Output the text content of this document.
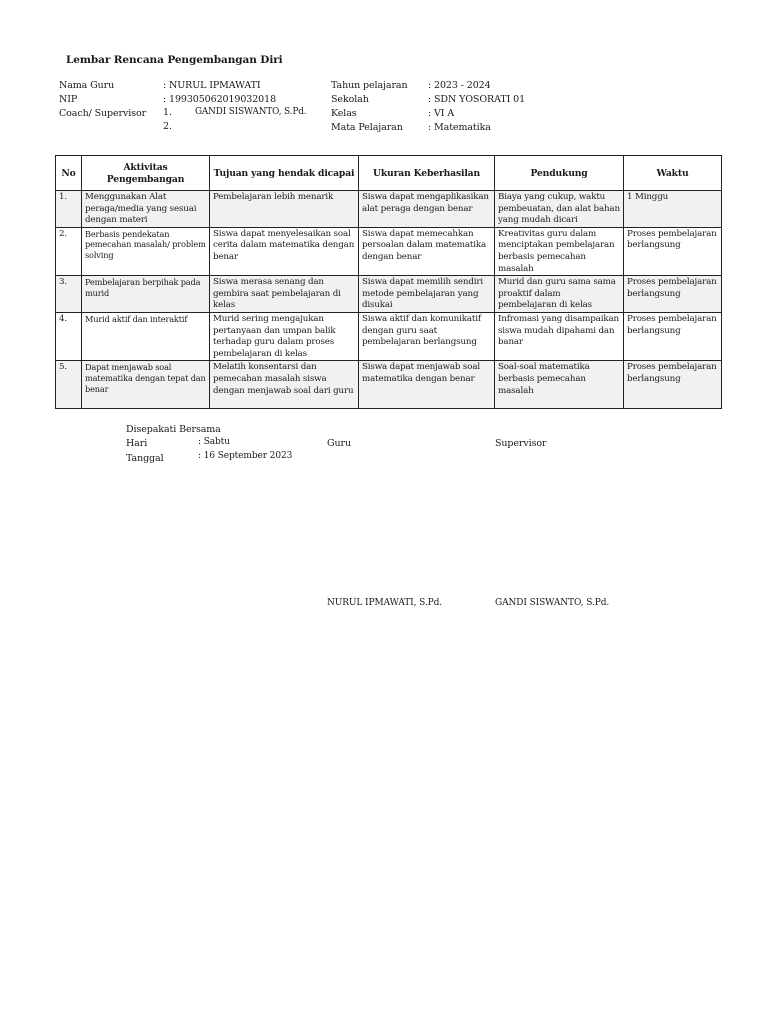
Lembar Rencana Pengembangan Diri
Nama Guru	: NURUL IPMAWATI
NIP	: 199305062019032018
Coach/ Supervisor 1.	GANDI SISWANTO, S.Pd.
2.
Tahun pelajaran : 2023 - 2024
Sekolah	: SDN YOSORATI 01
Kelas	: VI A
Mata Pelajaran	: Matematika
No	Aktivitas Pengembangan	Tujuan yang hendak dicapai	Ukuran Keberhasilan	Pendukung	Waktu
1.	Menggunakan Alat peraga/media yang sesuai dengan materi	Pembelajaran lebih menarik	Siswa dapat mengaplikasikan alat peraga dengan benar	Biaya yang cukup, waktu pembeuatan, dan alat bahan yang mudah dicari	1 Minggu
2.	Berbasis pendekatan pemecahan masalah/ problem solving	Siswa dapat menyelesaikan soal cerita dalam matematika dengan benar	Siswa dapat memecahkan persoalan dalam matematika dengan benar	Kreativitas guru dalam menciptakan pembelajaran berbasis pemecahan masalah	Proses pembelajaran berlangsung
3.	Pembelajaran berpihak pada murid	Siswa merasa senang dan gembira saat pembelajaran di kelas	Siswa dapat memilih sendiri metode pembelajaran yang disukai	Murid dan guru sama sama proaktif dalam pembelajaran di kelas	Proses pembelajaran berlangsung
4.	Murid aktif dan interaktif	Murid sering mengajukan pertanyaan dan umpan balik terhadap guru dalam proses pembelajaran di kelas	Siswa aktif dan komunikatif dengan guru saat pembelajaran berlangsung	Infromasi yang disampaikan siswa mudah dipahami dan banar	Proses pembelajaran berlangsung
5.	Dapat menjawab soal matematika dengan tepat dan benar	Melatih konsentarsi dan pemecahan masalah siswa dengan menjawab soal dari guru	Siswa dapat menjawab soal matematika dengan benar	Soal-soal matematika berbasis pemecahan masalah	Proses pembelajaran berlangsung
Disepakati Bersama
Hari	: Sabtu
Tanggal	: 16 September 2023
Guru	Supervisor
NURUL IPMAWATI, S.Pd.	GANDI SISWANTO, S.Pd.
